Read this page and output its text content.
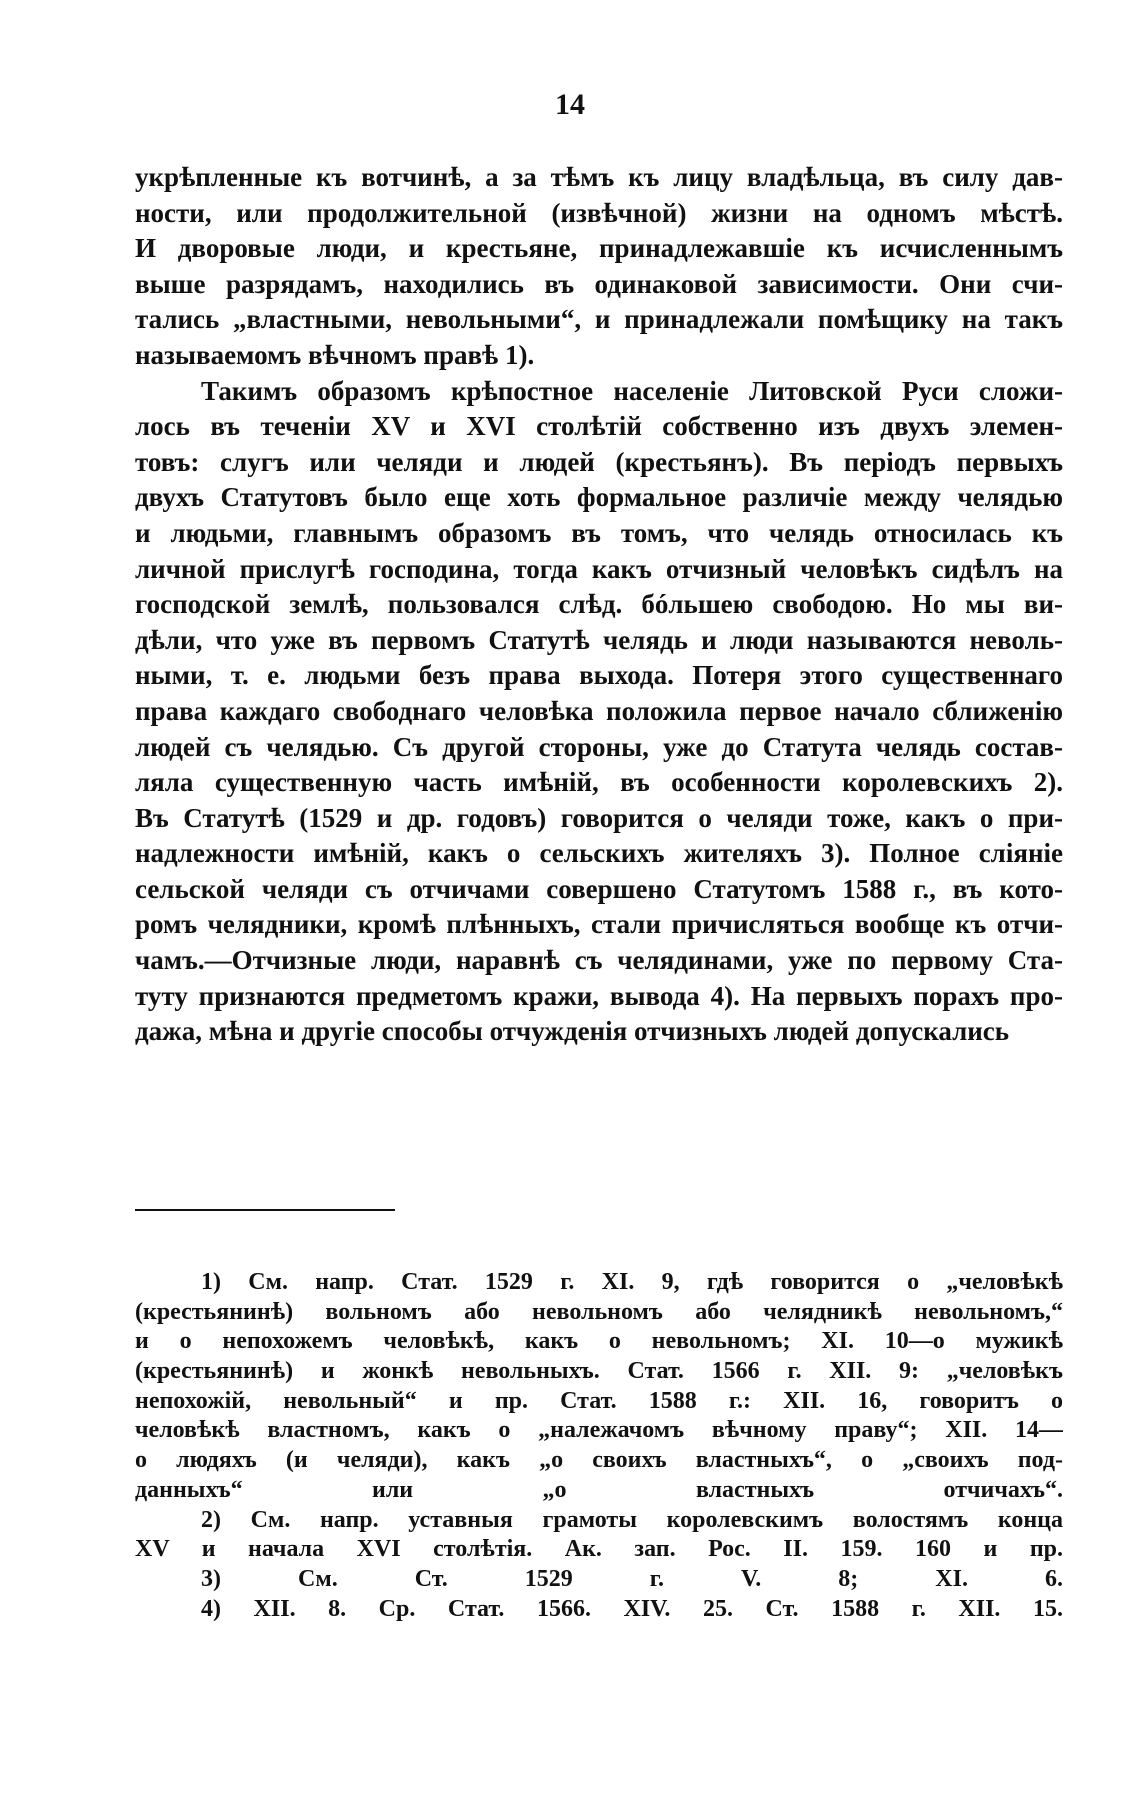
14
укрѣпленные къ вотчинѣ, а за тѣмъ къ лицу владѣльца, въ силу дав-
ности, или продолжительной (извѣчной) жизни на одномъ мѣстѣ.
И дворовые люди, и крестьяне, принадлежавшіе къ исчисленнымъ
выше разрядамъ, находились въ одинаковой зависимости. Они счи-
тались „властными, невольными“, и принадлежали помѣщику на такъ
называемомъ вѣчномъ правѣ 1).
Такимъ образомъ крѣпостное населеніе Литовской Руси сложи-
лось въ теченіи XV и XVI столѣтій собственно изъ двухъ элемен-
товъ: слугъ или челяди и людей (крестьянъ). Въ періодъ первыхъ
двухъ Статутовъ было еще хоть формальное различіе между челядью
и людьми, главнымъ образомъ въ томъ, что челядь относилась къ
личной прислугѣ господина, тогда какъ отчизный человѣкъ сидѣлъ на
господской землѣ, пользовался слѣд. бóльшею свободою. Но мы ви-
дѣли, что уже въ первомъ Статутѣ челядь и люди называются неволь-
ными, т. е. людьми безъ права выхода. Потеря этого существеннаго
права каждаго свободнаго человѣка положила первое начало сближенію
людей съ челядью. Съ другой стороны, уже до Статута челядь состав-
ляла существенную часть имѣній, въ особенности королевскихъ 2).
Въ Статутѣ (1529 и др. годовъ) говорится о челяди тоже, какъ о при-
надлежности имѣній, какъ о сельскихъ жителяхъ 3). Полное сліяніе
сельской челяди съ отчичами совершено Статутомъ 1588 г., въ кото-
ромъ челядники, кромѣ плѣнныхъ, стали причисляться вообще къ отчи-
чамъ.—Отчизные люди, наравнѣ съ челядинами, уже по первому Ста-
туту признаются предметомъ кражи, вывода 4). На первыхъ порахъ про-
дажа, мѣна и другіе способы отчужденія отчизныхъ людей допускались
1) См. напр. Стат. 1529 г. XI. 9, гдѣ говорится о „человѣкѣ
(крестьянинѣ) вольномъ або невольномъ або челядникѣ невольномъ,“
и о непохожемъ человѣкѣ, какъ о невольномъ; XI. 10—о мужикѣ
(крестьянинѣ) и жонкѣ невольныхъ. Стат. 1566 г. XII. 9: „человѣкъ
непохожій, невольный“ и пр. Стат. 1588 г.: XII. 16, говоритъ о
человѣкѣ властномъ, какъ о „належачомъ вѣчному праву“; XII. 14—
о людяхъ (и челяди), какъ „о своихъ властныхъ“, о „своихъ под-
данныхъ“ или „о властныхъ отчичахъ“.
2) См. напр. уставныя грамоты королевскимъ волостямъ конца
XV и начала XVI столѣтія. Ак. зап. Рос. II. 159. 160 и пр.
3) См. Ст. 1529 г. V. 8; XI. 6.
4) XII. 8. Ср. Стат. 1566. XIV. 25. Ст. 1588 г. XII. 15.
